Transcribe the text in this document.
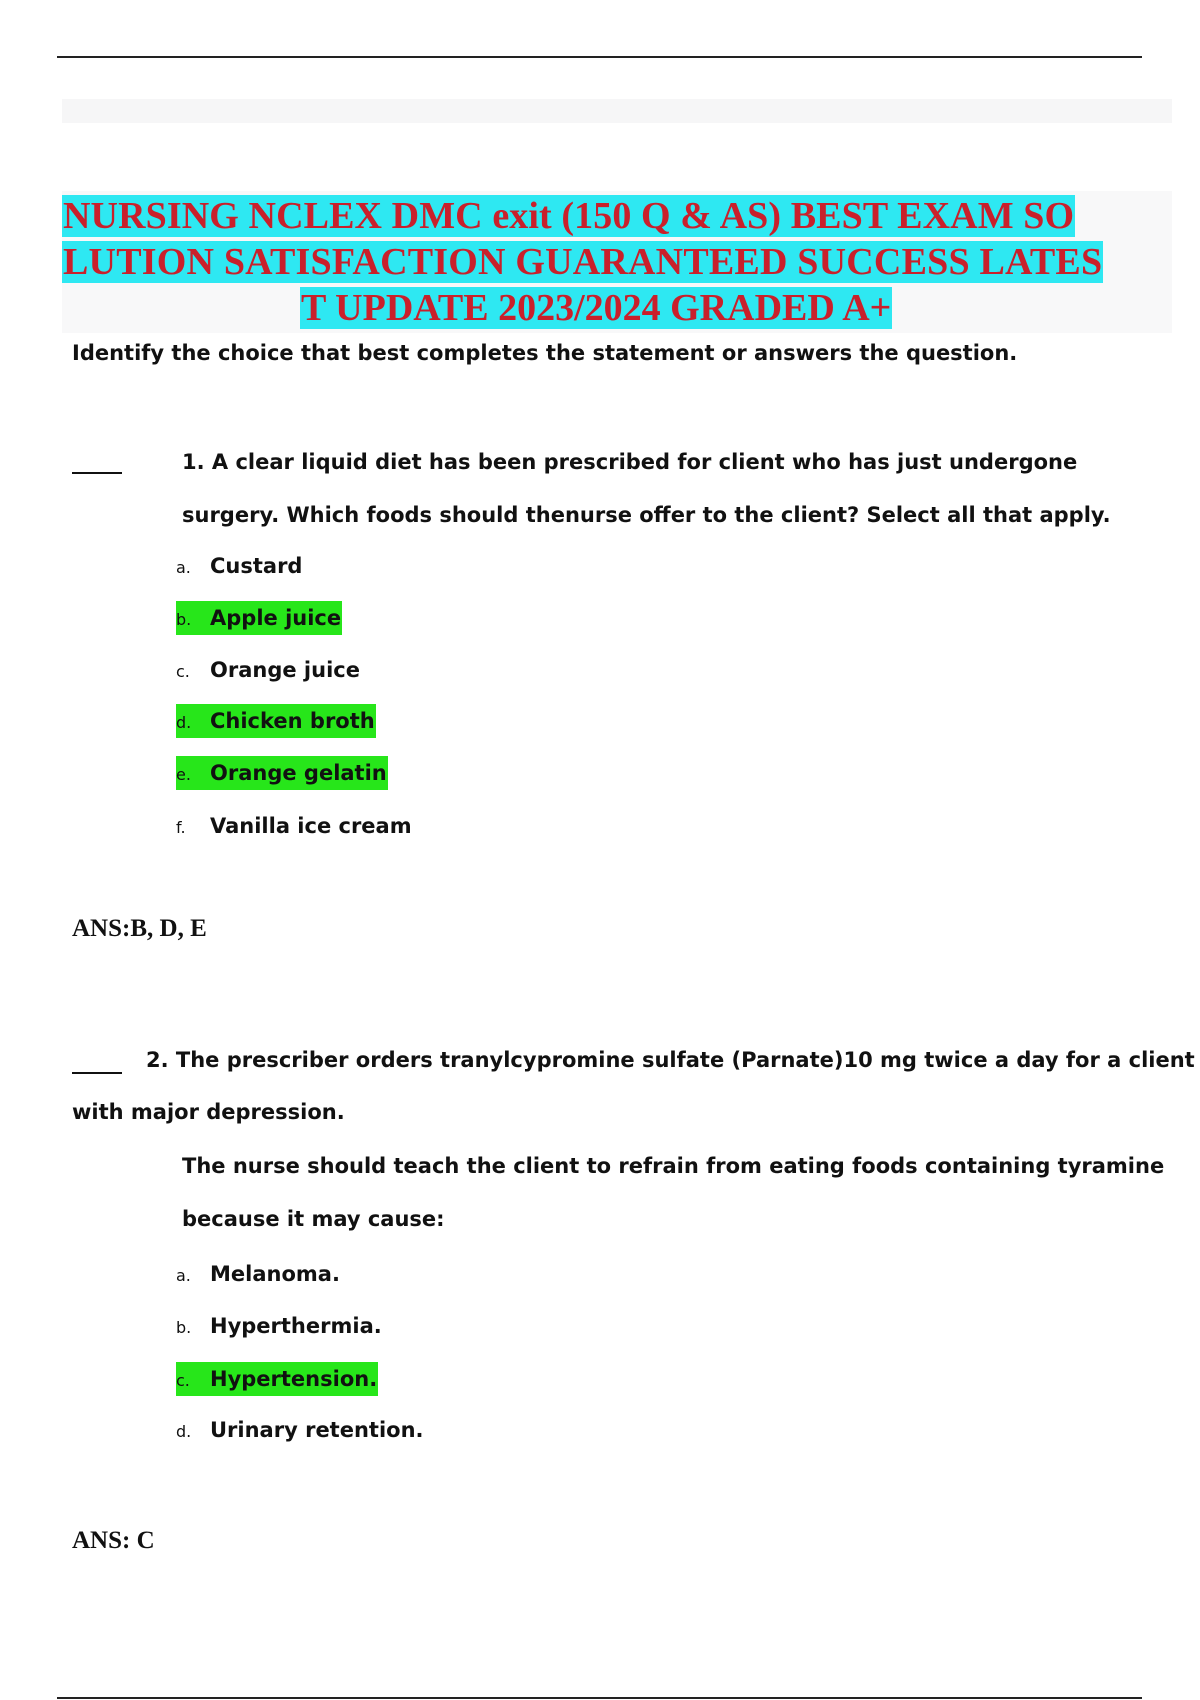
NURSING NCLEX DMC exit (150 Q & AS) BEST EXAM SO
LUTION SATISFACTION GUARANTEED SUCCESS LATES
T UPDATE 2023/2024 GRADED A+
Identify the choice that best completes the statement or answers the question.
1. A clear liquid diet has been prescribed for client who has just undergone
surgery. Which foods should thenurse offer to the client? Select all that apply.
a. Custard
b. Apple juice
c. Orange juice
d. Chicken broth
e. Orange gelatin
f. Vanilla ice cream
ANS:B, D, E
2. The prescriber orders tranylcypromine sulfate (Parnate)10 mg twice a day for a client
with major depression.
The nurse should teach the client to refrain from eating foods containing tyramine
because it may cause:
a. Melanoma.
b. Hyperthermia.
c. Hypertension.
d. Urinary retention.
ANS: C
